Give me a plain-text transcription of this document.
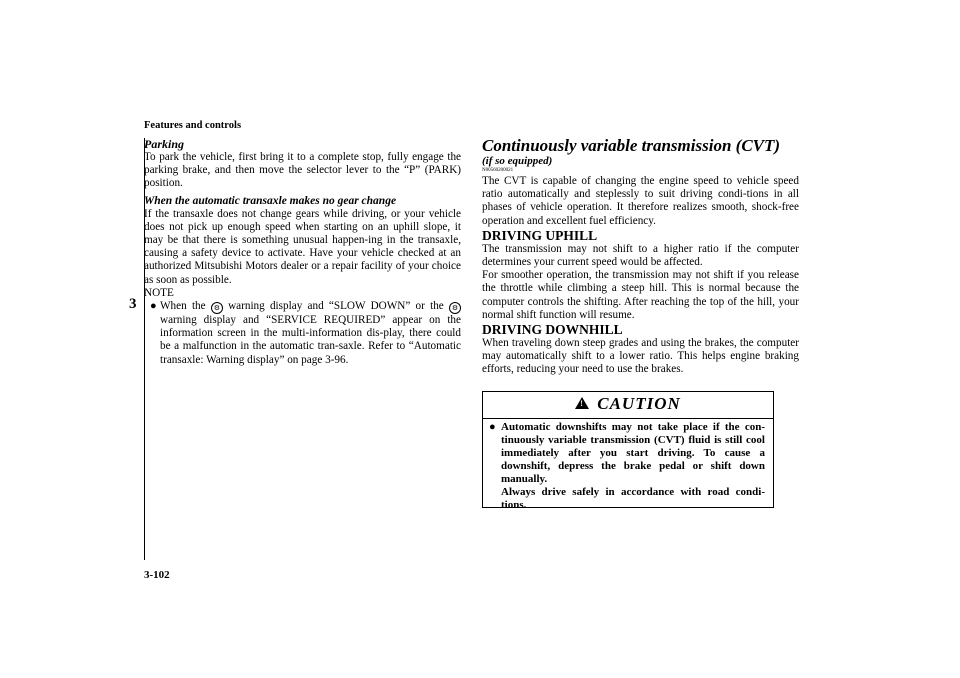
Features and controls
3

Parking

To park the vehicle, first bring it to a complete stop, fully engage the parking brake, and then move the selector lever to the “P” (PARK) position.

When the automatic transaxle makes no gear change

If the transaxle does not change gears while driving, or your vehicle does not pick up enough speed when starting on an uphill slope, it may be that there is something unusual happen-ing in the transaxle, causing a safety device to activate. Have your vehicle checked at an authorized Mitsubishi Motors dealer or a repair facility of your choice as soon as possible.

NOTE

● When the ⚙ warning display and “SLOW DOWN” or the ⚙ warning display and “SERVICE REQUIRED” appear on the information screen in the multi-information dis-play, there could be a malfunction in the automatic tran-saxle. Refer to “Automatic transaxle: Warning display” on page 3-96.

Continuously variable transmission (CVT)

(if so equipped)

N00560200021

The CVT is capable of changing the engine speed to vehicle speed ratio automatically and steplessly to suit driving condi-tions in all phases of vehicle operation. It therefore realizes smooth, shock-free operation and excellent fuel efficiency.

DRIVING UPHILL

The transmission may not shift to a higher ratio if the computer determines your current speed would be affected.

For smoother operation, the transmission may not shift if you release the throttle while climbing a steep hill. This is normal because the computer controls the shifting. After reaching the top of the hill, your normal shift function will resume.

DRIVING DOWNHILL

When traveling down steep grades and using the brakes, the computer may automatically shift to a lower ratio. This helps engine braking efforts, reducing your need to use the brakes.

!CAUTION
● Automatic downshifts may not take place if the con-tinuously variable transmission (CVT) fluid is still cool immediately after you start driving. To cause a downshift, depress the brake pedal or shift down manually.
Always drive safely in accordance with road condi-tions.
3-102
